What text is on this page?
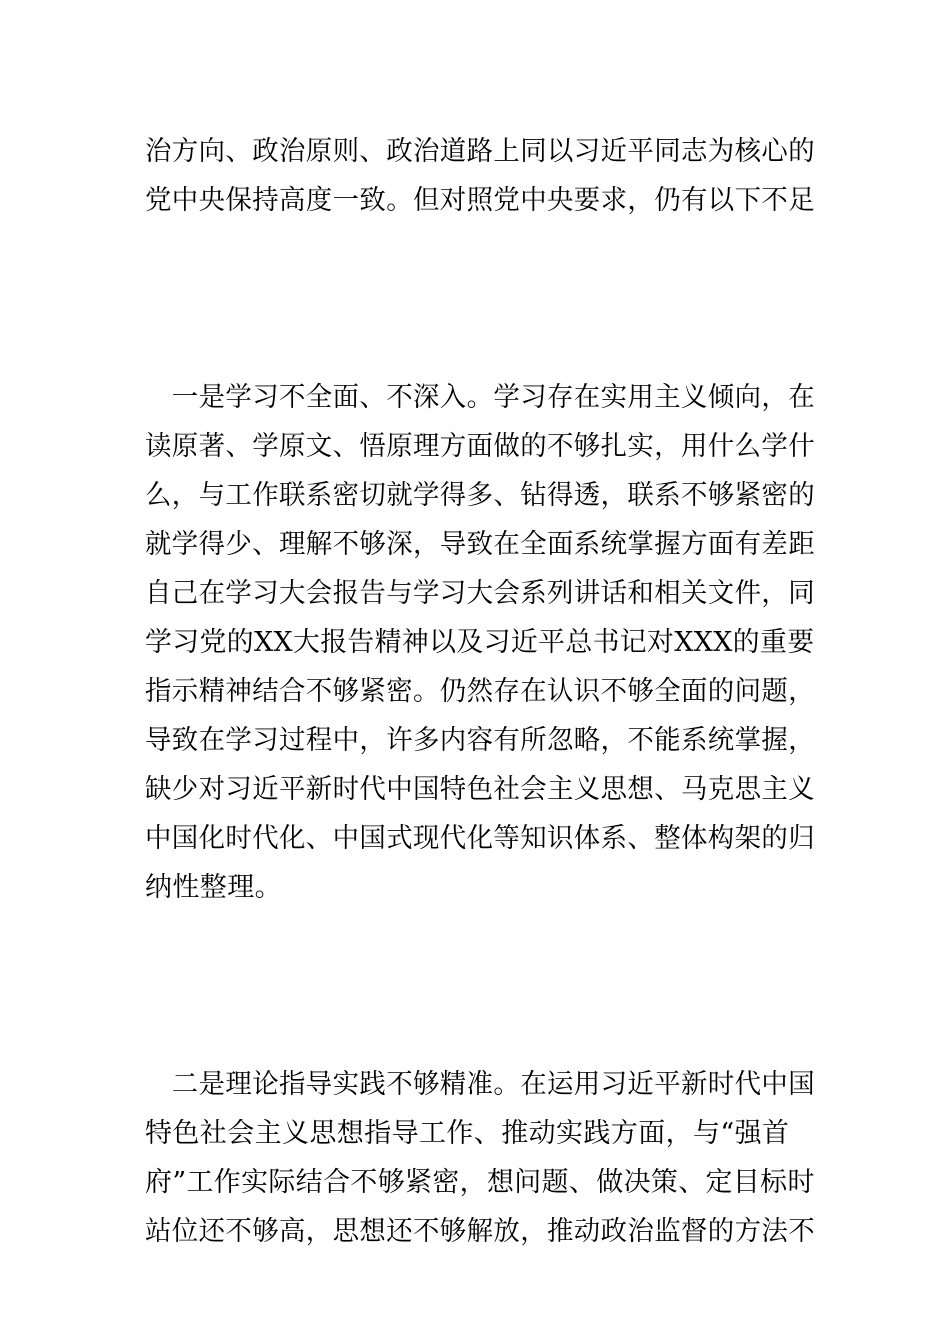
治方向、政治原则、政治道路上同以习近平同志为核心的
党中央保持高度一致。但对照党中央要求，仍有以下不足
　一是学习不全面、不深入。学习存在实用主义倾向，在
读原著、学原文、悟原理方面做的不够扎实，用什么学什
么，与工作联系密切就学得多、钻得透，联系不够紧密的
就学得少、理解不够深，导致在全面系统掌握方面有差距
自己在学习大会报告与学习大会系列讲话和相关文件，同
学习党的XX大报告精神以及习近平总书记对XXX的重要
指示精神结合不够紧密。仍然存在认识不够全面的问题，
导致在学习过程中，许多内容有所忽略，不能系统掌握，
缺少对习近平新时代中国特色社会主义思想、马克思主义
中国化时代化、中国式现代化等知识体系、整体构架的归
纳性整理。
　二是理论指导实践不够精准。在运用习近平新时代中国
特色社会主义思想指导工作、推动实践方面，与“强首
府”工作实际结合不够紧密，想问题、做决策、定目标时
站位还不够高，思想还不够解放，推动政治监督的方法不
